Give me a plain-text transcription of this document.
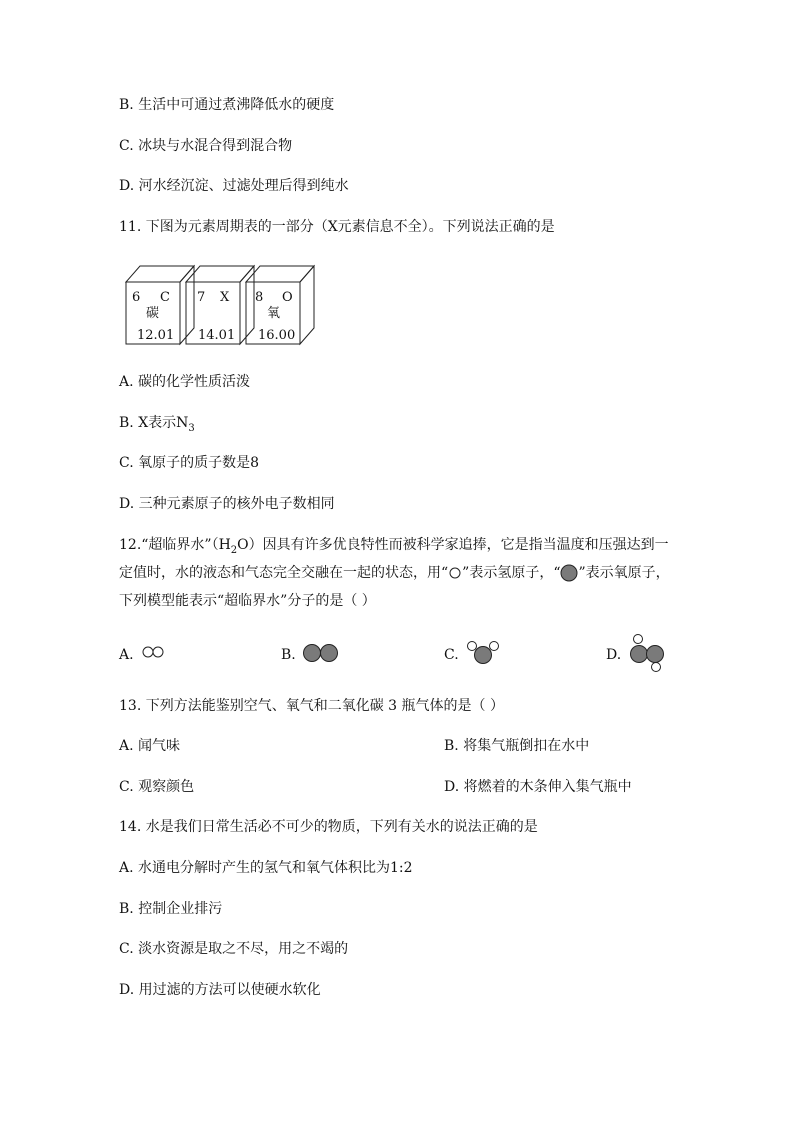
B. 生活中可通过煮沸降低水的硬度
C. 冰块与水混合得到混合物
D. 河水经沉淀、过滤处理后得到纯水
11. 下图为元素周期表的一部分（X元素信息不全）。下列说法正确的是
6 C
碳
12.01
7 X
14.01
8 O
氧
16.00
A. 碳的化学性质活泼
B. X表示$N_3$
C. 氧原子的质子数是8
D. 三种元素原子的核外电子数相同
12.“超临界水$”(H_2O)$因具有许多优良特性而被科学家追捧，它是指当温度和压强达到一
定值时，水的液态和气态完全交融在一起的状态，用“ ”表示氢原子，“ ”表示氧原子，
下列模型能表示“超临界水”分子的是（ ）
A.	B.	C.	D.
13. 下列方法能鉴别空气、氧气和二氧化碳 3 瓶气体的是（ ）
A. 闻气味	B. 将集气瓶倒扣在水中
C. 观察颜色	D. 将燃着的木条伸入集气瓶中
14. 水是我们日常生活必不可少的物质，下列有关水的说法正确的是
A. 水通电分解时产生的氢气和氧气体积比为1:2
B. 控制企业排污
C. 淡水资源是取之不尽，用之不竭的
D. 用过滤的方法可以使硬水软化
